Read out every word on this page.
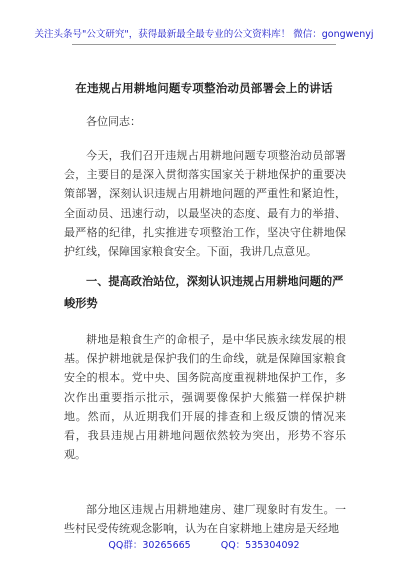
关注头条号"公文研究"，获得最新最全最专业的公文资料库！ 微信：gongwenyj
在违规占用耕地问题专项整治动员部署会上的讲话
各位同志：
今天，我们召开违规占用耕地问题专项整治动员部署会，主要目的是深入贯彻落实国家关于耕地保护的重要决策部署，深刻认识违规占用耕地问题的严重性和紧迫性，全面动员、迅速行动，以最坚决的态度、最有力的举措、最严格的纪律，扎实推进专项整治工作，坚决守住耕地保护红线，保障国家粮食安全。下面，我讲几点意见。
一、提高政治站位，深刻认识违规占用耕地问题的严峻形势
耕地是粮食生产的命根子，是中华民族永续发展的根基。保护耕地就是保护我们的生命线，就是保障国家粮食安全的根本。党中央、国务院高度重视耕地保护工作，多次作出重要指示批示，强调要像保护大熊猫一样保护耕地。然而，从近期我们开展的排查和上级反馈的情况来看，我县违规占用耕地问题依然较为突出，形势不容乐观。
部分地区违规占用耕地建房、建厂现象时有发生。一些村民受传统观念影响，认为在自家耕地上建房是天经地
QQ群：30265665	QQ：535304092
